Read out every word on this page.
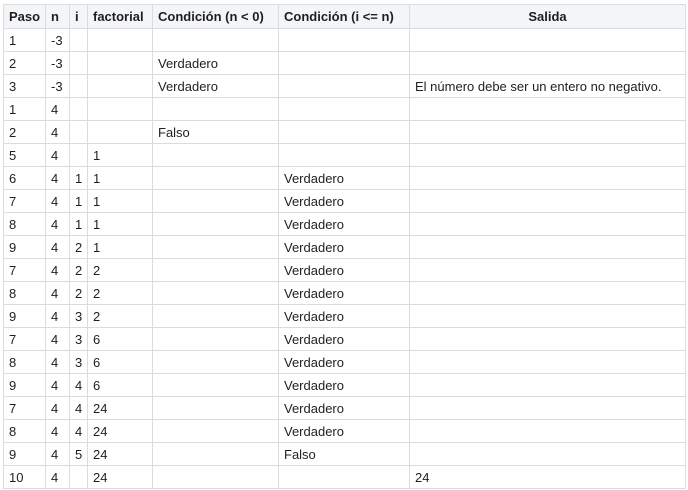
Paso	n	i	factorial	Condición (n < 0)	Condición (i <= n)	Salida
1	-3					
2	-3			Verdadero		
3	-3			Verdadero		El número debe ser un entero no negativo.
1	4					
2	4			Falso		
5	4		1			
6	4	1	1		Verdadero	
7	4	1	1		Verdadero	
8	4	1	1		Verdadero	
9	4	2	1		Verdadero	
7	4	2	2		Verdadero	
8	4	2	2		Verdadero	
9	4	3	2		Verdadero	
7	4	3	6		Verdadero	
8	4	3	6		Verdadero	
9	4	4	6		Verdadero	
7	4	4	24		Verdadero	
8	4	4	24		Verdadero	
9	4	5	24		Falso	
10	4		24			24
